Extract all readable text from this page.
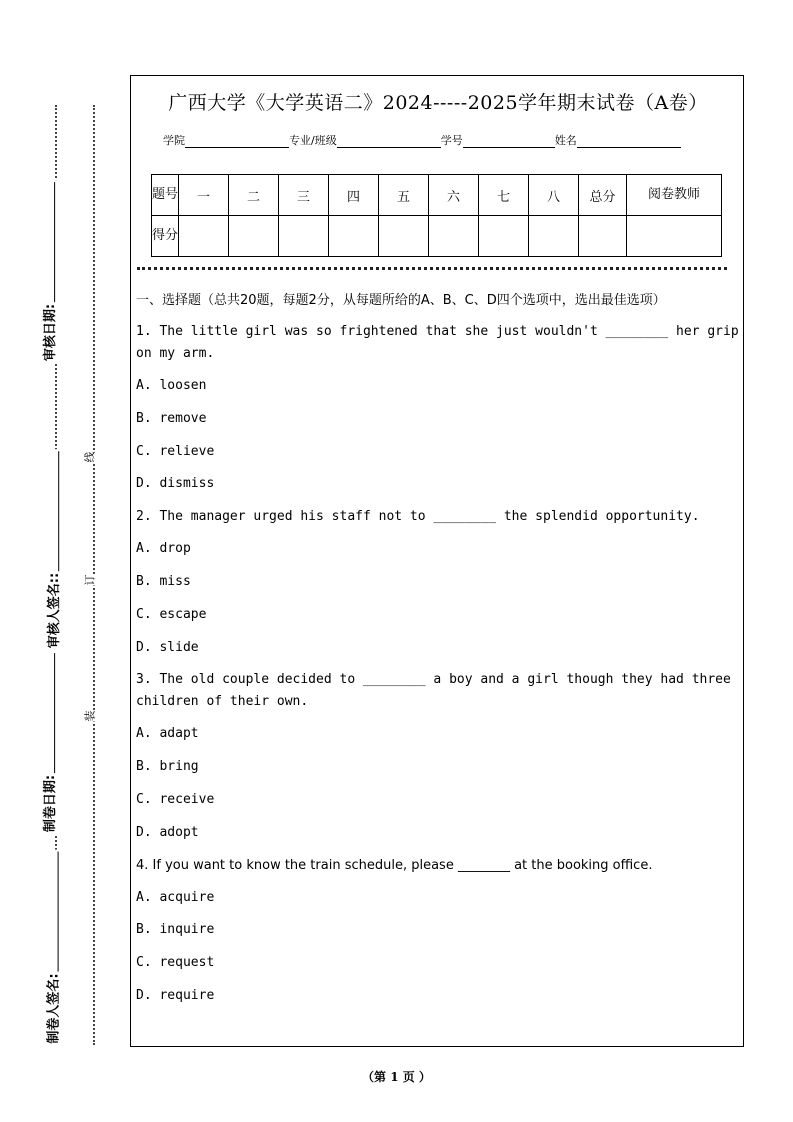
审核日期:
审核人签名::
制卷日期:
制卷人签名:
线
订
装
广西大学《大学英语二》2024-----2025学年期末试卷（A卷）
学院	专业/班级	学号	姓名
题号	一	二	三	四	五	六	七	八	总分	阅卷教师
得分										
一、选择题（总共20题，每题2分，从每题所给的A、B、C、D四个选项中，选出最佳选项）
1. The little girl was so frightened that she just wouldn't ________ her grip on my arm.
A. loosen
B. remove
C. relieve
D. dismiss
2. The manager urged his staff not to ________ the splendid opportunity.
A. drop
B. miss
C. escape
D. slide
3. The old couple decided to ________ a boy and a girl though they had three children of their own.
A. adapt
B. bring
C. receive
D. adopt
4. If you want to know the train schedule, please ________ at the booking office.
A. acquire
B. inquire
C. request
D. require
（第 1 页 ）
